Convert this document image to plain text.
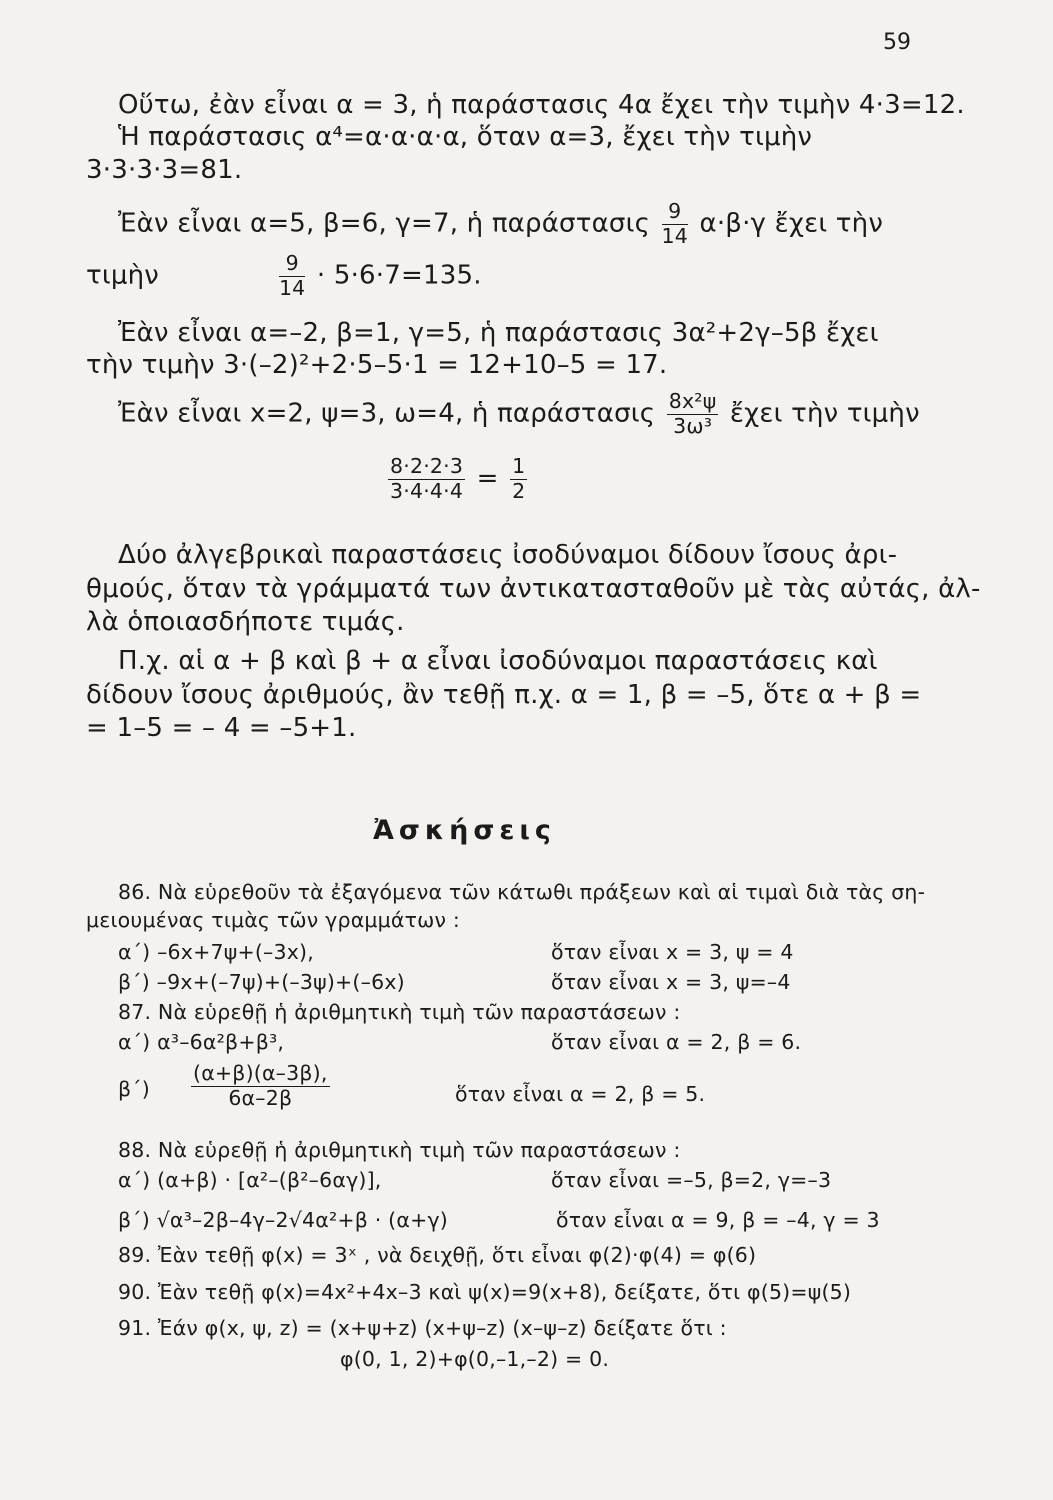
59
Οὕτω, ἐὰν εἶναι α = 3, ἡ παράστασις 4α ἔχει τὴν τιμὴν 4·3=12.
Ἡ παράστασις α⁴=α·α·α·α, ὅταν α=3, ἔχει τὴν τιμὴν
3·3·3·3=81.
Ἐὰν εἶναι α=5, β=6, γ=7, ἡ παράστασις $\frac{9}{14} \alpha\cdot\beta\cdot\gamma$ ἔχει τὴν
τιμὴν	$\frac{9}{14} \cdot 5\cdot 6\cdot 7=135$.
Ἐὰν εἶναι α=–2, β=1, γ=5, ἡ παράστασις 3α²+2γ–5β ἔχει
τὴν τιμὴν 3·(–2)²+2·5–5·1 = 12+10–5 = 17.
Ἐὰν εἶναι x=2, ψ=3, ω=4, ἡ παράστασις $\frac{\text{8x²ψ}}{\text{3ω³}}$ ἔχει τὴν τιμὴν
$\frac{8\cdot 2\cdot 2\cdot 3}{3\cdot 4\cdot 4\cdot 4} = \frac{1}{2}$
Δύο ἀλγεβρικαὶ παραστάσεις ἰσοδύναμοι δίδουν ἴσους ἀρι-
θμούς, ὅταν τὰ γράμματά των ἀντικατασταθοῦν μὲ τὰς αὐτάς, ἀλ-
λὰ ὁποιασδήποτε τιμάς.
Π.χ. αἱ α + β καὶ β + α εἶναι ἰσοδύναμοι παραστάσεις καὶ
δίδουν ἴσους ἀριθμούς, ἂν τεθῇ π.χ. α = 1, β = –5, ὅτε α + β =
= 1–5 = – 4 = –5+1.
Ἀσκήσεις
86. Νὰ εὑρεθοῦν τὰ ἐξαγόμενα τῶν κάτωθι πράξεων καὶ αἱ τιμαὶ διὰ τὰς ση-
μειουμένας τιμὰς τῶν γραμμάτων :
α΄) –6x+7ψ+(–3x),	ὅταν εἶναι x = 3, ψ = 4
β΄) –9x+(–7ψ)+(–3ψ)+(–6x)	ὅταν εἶναι x = 3, ψ=–4
87. Νὰ εὑρεθῇ ἡ ἀριθμητικὴ τιμὴ τῶν παραστάσεων :
α΄) α³–6α²β+β³,	ὅταν εἶναι α = 2, β = 6.
$\beta΄) \frac{(\alpha+\beta)(\alpha-3\beta),}{6\alpha-2\beta}$	ὅταν εἶναι α = 2, β = 5.
88. Νὰ εὑρεθῇ ἡ ἀριθμητικὴ τιμὴ τῶν παραστάσεων :
α΄) (α+β) · [α²–(β²–6αγ)],	ὅταν εἶναι =–5, β=2, γ=–3
β΄) √α³–2β–4γ–2√4α²+β · (α+γ)	ὅταν εἶναι α = 9, β = –4, γ = 3
89. Ἐὰν τεθῇ φ(x) = 3ˣ , νὰ δειχθῇ, ὅτι εἶναι φ(2)·φ(4) = φ(6)
90. Ἐὰν τεθῇ φ(x)=4x²+4x–3 καὶ ψ(x)=9(x+8), δείξατε, ὅτι φ(5)=ψ(5)
91. Ἐάν φ(x, ψ, z) = (x+ψ+z) (x+ψ–z) (x–ψ–z) δείξατε ὅτι :
φ(0, 1, 2)+φ(0,–1,–2) = 0.
